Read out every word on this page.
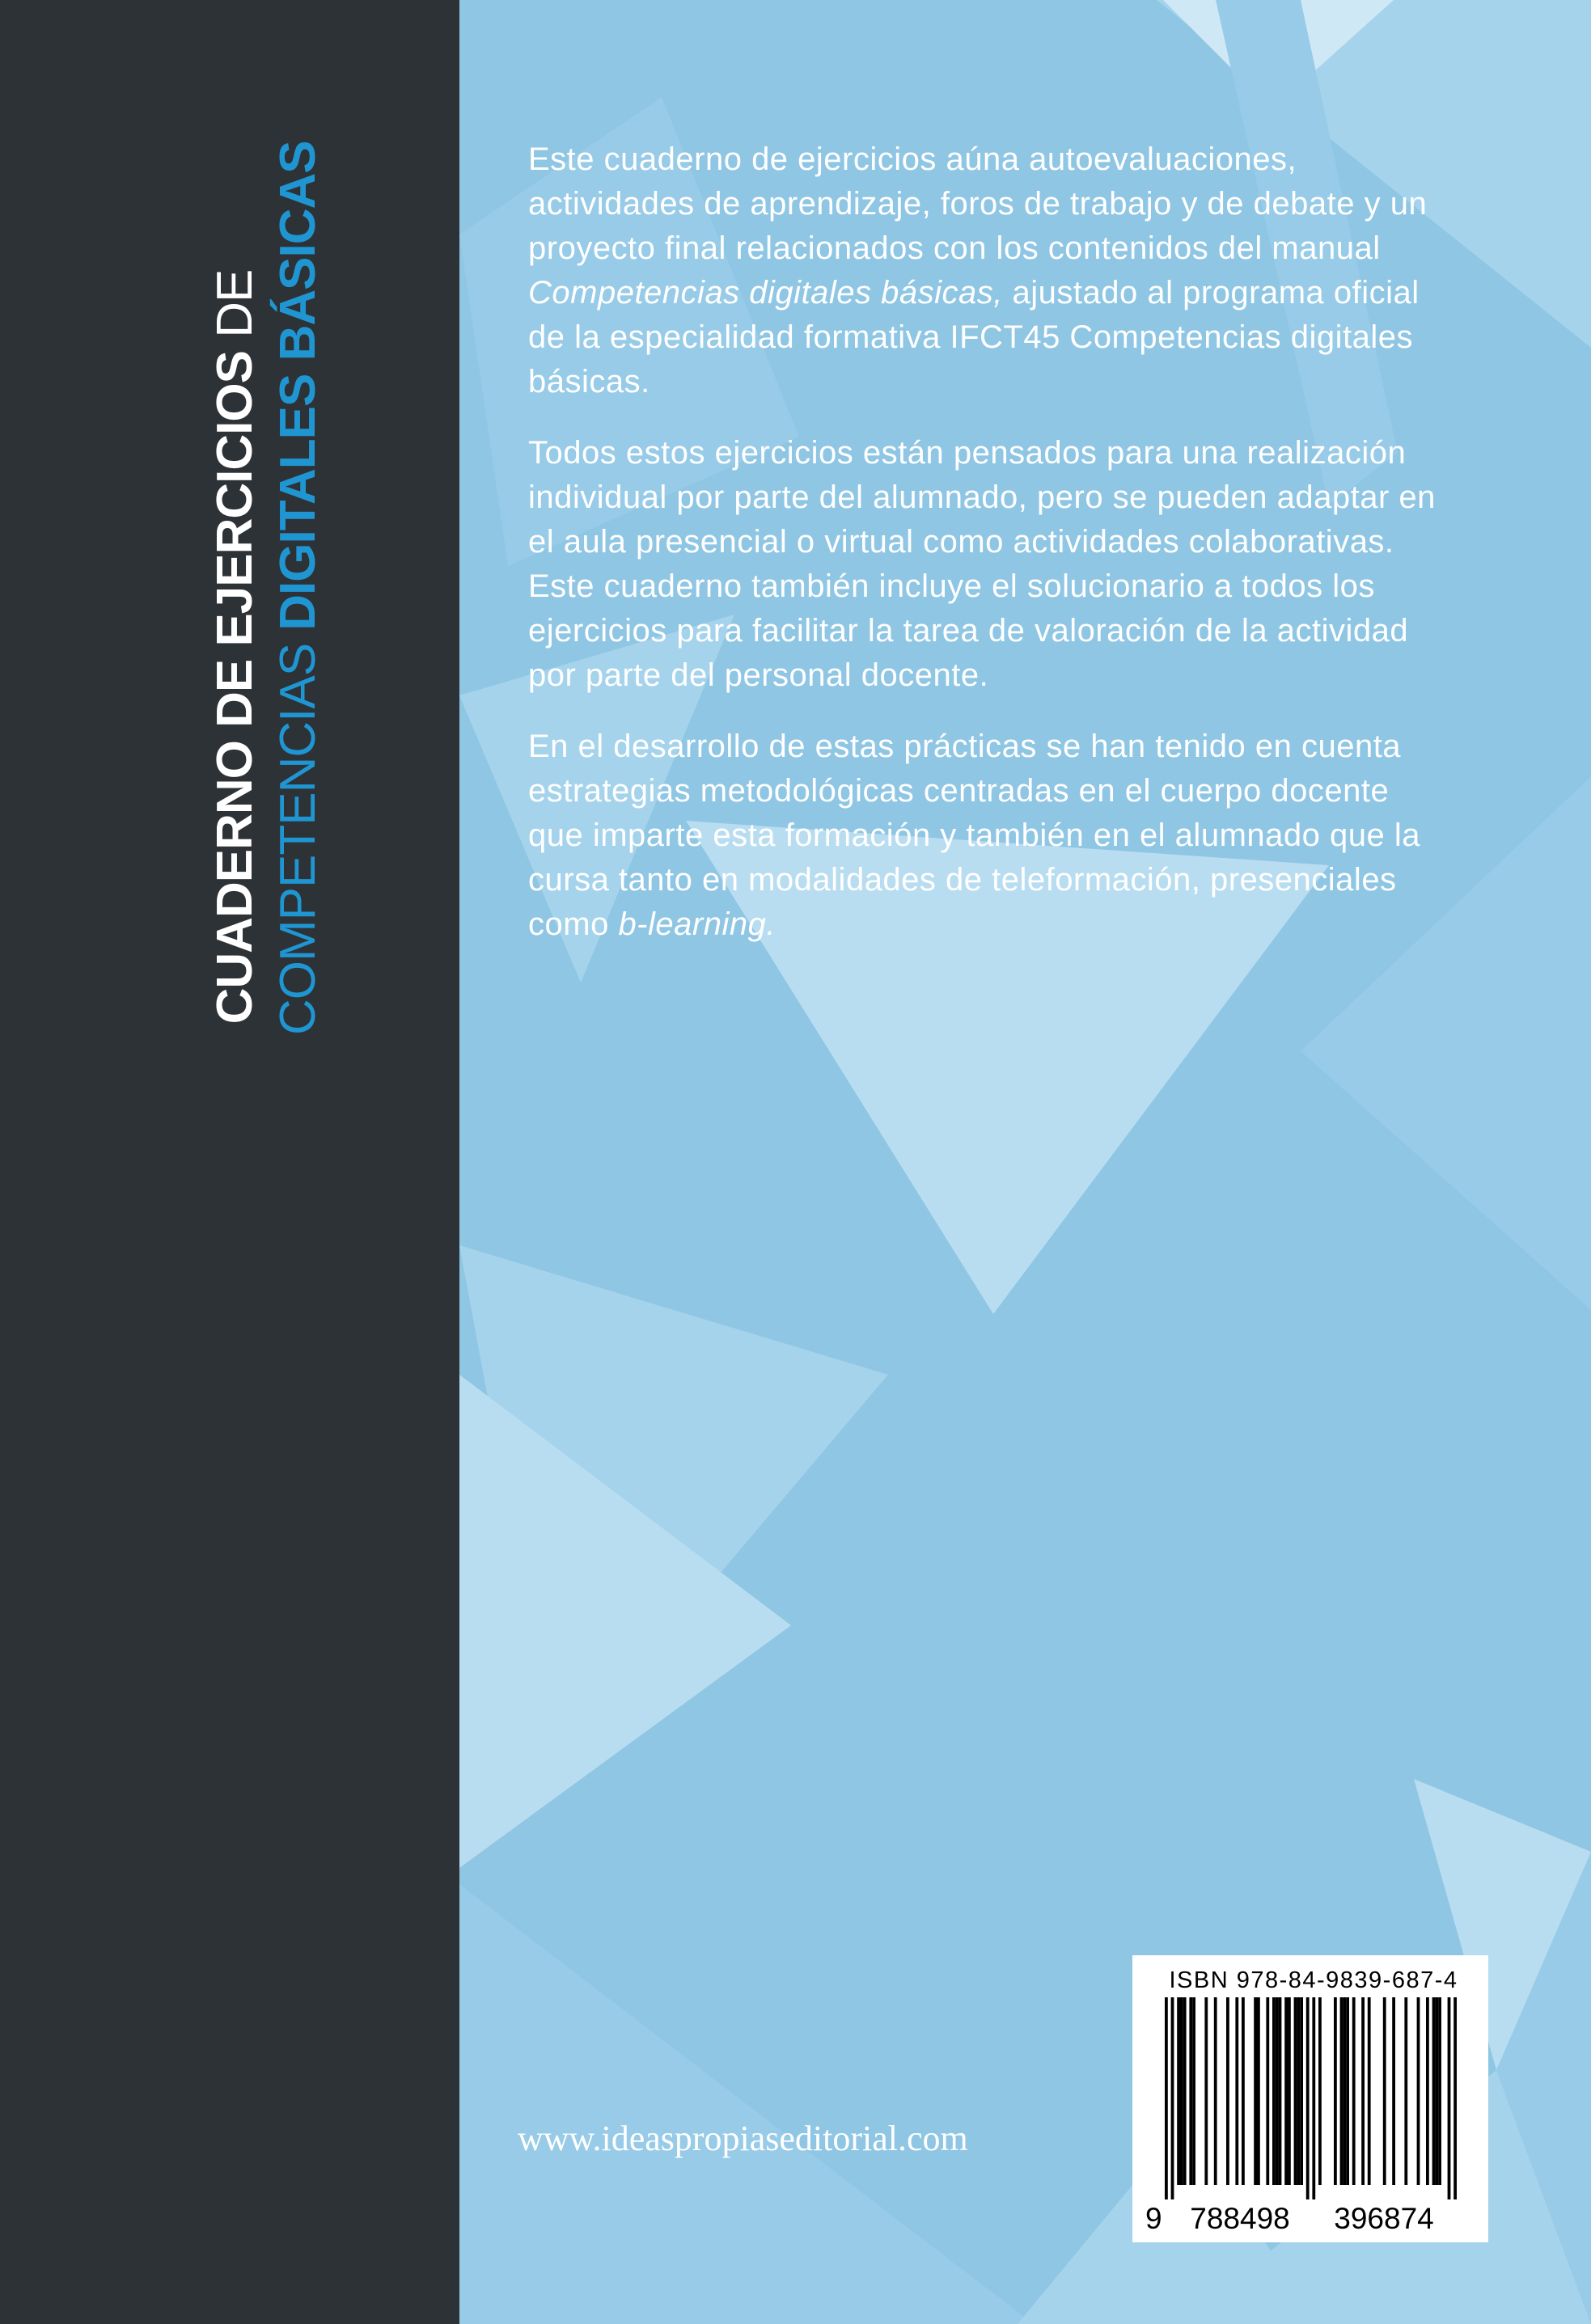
CUADERNO DE EJERCICIOS DE
COMPETENCIAS DIGITALES BÁSICAS	Este cuaderno de ejercicios aúna autoevaluaciones, actividades de aprendizaje, foros de trabajo y de debate y un proyecto final relacionados con los contenidos del manual Competencias digitales básicas, ajustado al programa oficial de la especialidad formativa IFCT45 Competencias digitales básicas.

Todos estos ejercicios están pensados para una realización individual por parte del alumnado, pero se pueden adaptar en el aula presencial o virtual como actividades colaborativas. Este cuaderno también incluye el solucionario a todos los ejercicios para facilitar la tarea de valoración de la actividad por parte del personal docente.

En el desarrollo de estas prácticas se han tenido en cuenta estrategias metodológicas centradas en el cuerpo docente que imparte esta formación y también en el alumnado que la cursa tanto en modalidades de teleformación, presenciales como b-learning.

www.ideaspropiaseditorial.com
ISBN 978-84-9839-687-4
9 788498 396874
